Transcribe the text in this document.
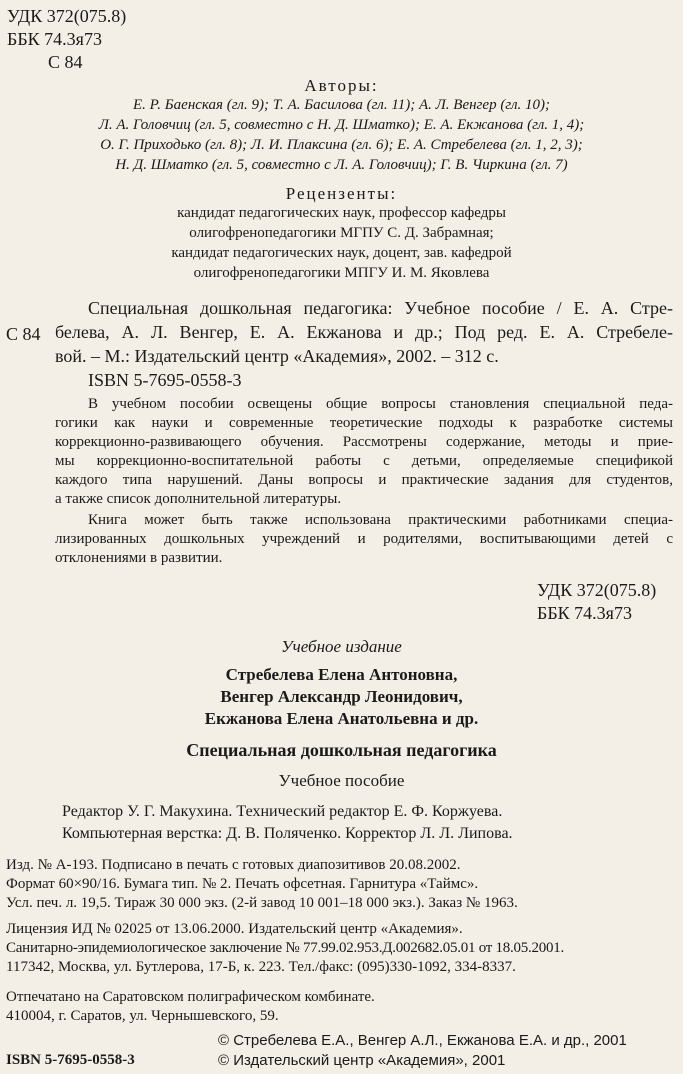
УДК 372(075.8)
ББК 74.3я73
С 84
Авторы:
Е. Р. Баенская (гл. 9); Т. А. Басилова (гл. 11); А. Л. Венгер (гл. 10);
Л. А. Головчиц (гл. 5, совместно с Н. Д. Шматко); Е. А. Екжанова (гл. 1, 4);
О. Г. Приходько (гл. 8); Л. И. Плаксина (гл. 6); Е. А. Стребелева (гл. 1, 2, 3);
Н. Д. Шматко (гл. 5, совместно с Л. А. Головчиц); Г. В. Чиркина (гл. 7)
Рецензенты:
кандидат педагогических наук, профессор кафедры
олигофренопедагогики МГПУ С. Д. Забрамная;
кандидат педагогических наук, доцент, зав. кафедрой
олигофренопедагогики МПГУ И. М. Яковлева
С 84
Специальная дошкольная педагогика: Учебное пособие / Е. А. Стре-
белева, А. Л. Венгер, Е. А. Екжанова и др.; Под ред. Е. А. Стребеле-
вой. – М.: Издательский центр «Академия», 2002. – 312 с.
ISBN 5-7695-0558-3
В учебном пособии освещены общие вопросы становления специальной педа-
гогики как науки и современные теоретические подходы к разработке системы
коррекционно-развивающего обучения. Рассмотрены содержание, методы и прие-
мы коррекционно-воспитательной работы с детьми, определяемые спецификой
каждого типа нарушений. Даны вопросы и практические задания для студентов,
а также список дополнительной литературы.
Книга может быть также использована практическими работниками специа-
лизированных дошкольных учреждений и родителями, воспитывающими детей с
отклонениями в развитии.
УДК 372(075.8)
ББК 74.3я73
Учебное издание
Стребелева Елена Антоновна,
Венгер Александр Леонидович,
Екжанова Елена Анатольевна и др.
Специальная дошкольная педагогика
Учебное пособие
Редактор У. Г. Макухина. Технический редактор Е. Ф. Коржуева.
Компьютерная верстка: Д. В. Поляченко. Корректор Л. Л. Липова.
Изд. № А-193. Подписано в печать с готовых диапозитивов 20.08.2002.
Формат 60×90/16. Бумага тип. № 2. Печать офсетная. Гарнитура «Таймс».
Усл. печ. л. 19,5. Тираж 30 000 экз. (2-й завод 10 001–18 000 экз.). Заказ № 1963.
Лицензия ИД № 02025 от 13.06.2000. Издательский центр «Академия».
Санитарно-эпидемиологическое заключение № 77.99.02.953.Д.002682.05.01 от 18.05.2001.
117342, Москва, ул. Бутлерова, 17-Б, к. 223. Тел./факс: (095)330-1092, 334-8337.
Отпечатано на Саратовском полиграфическом комбинате.
410004, г. Саратов, ул. Чернышевского, 59.
© Стребелева Е.А., Венгер А.Л., Екжанова Е.А. и др., 2001
© Издательский центр «Академия», 2001
ISBN 5-7695-0558-3
